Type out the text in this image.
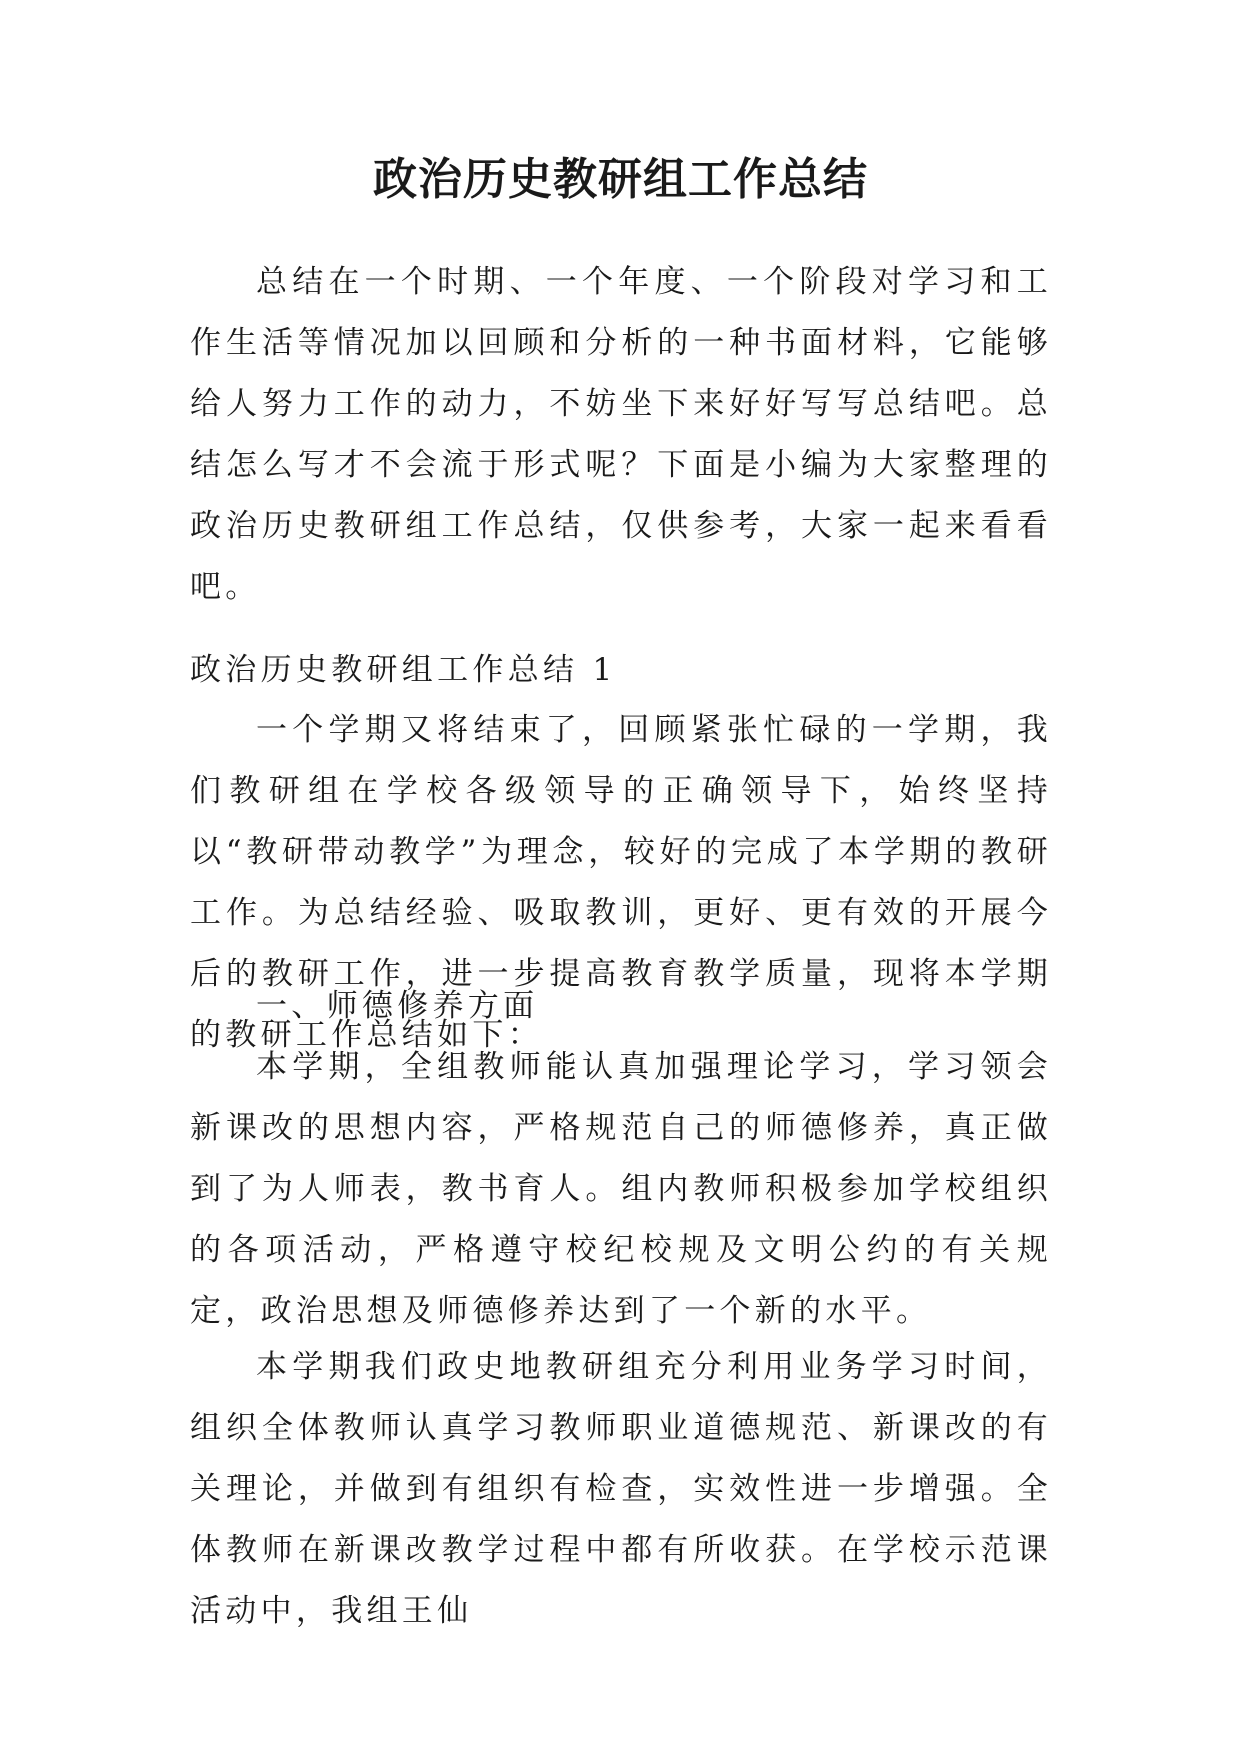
政治历史教研组工作总结

总结在一个时期、一个年度、一个阶段对学习和工作生活等情况加以回顾和分析的一种书面材料，它能够给人努力工作的动力，不妨坐下来好好写写总结吧。总结怎么写才不会流于形式呢？下面是小编为大家整理的政治历史教研组工作总结，仅供参考，大家一起来看看吧。

政治历史教研组工作总结 1

一个学期又将结束了，回顾紧张忙碌的一学期，我们教研组在学校各级领导的正确领导下，始终坚持以“教研带动教学”为理念，较好的完成了本学期的教研工作。为总结经验、吸取教训，更好、更有效的开展今后的教研工作，进一步提高教育教学质量，现将本学期的教研工作总结如下：

一、师德修养方面

本学期，全组教师能认真加强理论学习，学习领会新课改的思想内容，严格规范自己的师德修养，真正做到了为人师表，教书育人。组内教师积极参加学校组织的各项活动，严格遵守校纪校规及文明公约的有关规定，政治思想及师德修养达到了一个新的水平。

本学期我们政史地教研组充分利用业务学习时间，组织全体教师认真学习教师职业道德规范、新课改的有关理论，并做到有组织有检查，实效性进一步增强。全体教师在新课改教学过程中都有所收获。在学校示范课活动中，我组王仙
